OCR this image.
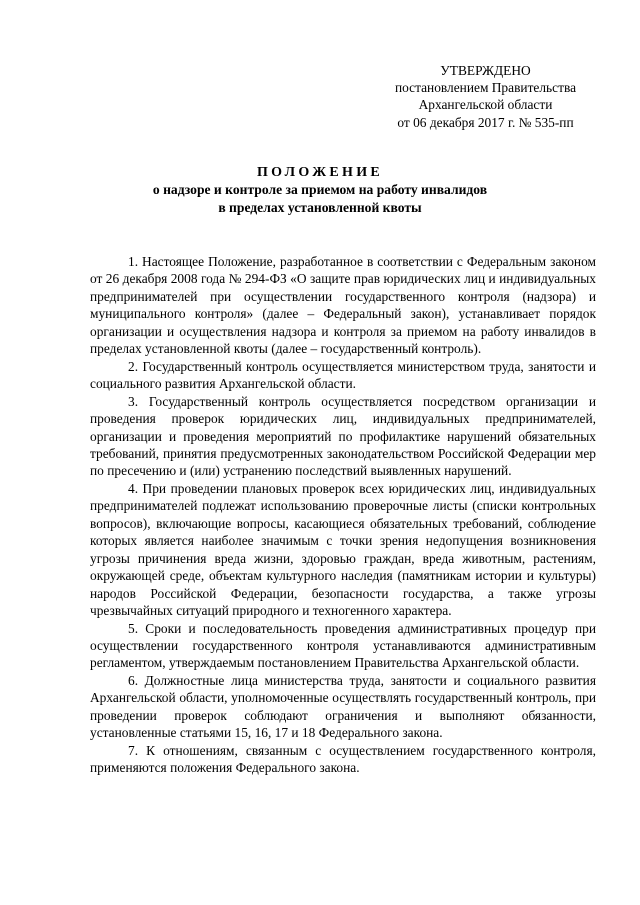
УТВЕРЖДЕНО
постановлением Правительства
Архангельской области
от 06 декабря 2017 г. № 535-пп
ПОЛОЖЕНИЕ
о надзоре и контроле за приемом на работу инвалидов
в пределах установленной квоты

1. Настоящее Положение, разработанное в соответствии с Федеральным законом от 26 декабря 2008 года № 294-ФЗ «О защите прав юридических лиц и индивидуальных предпринимателей при осуществлении государственного контроля (надзора) и муниципального контроля» (далее – Федеральный закон), устанавливает порядок организации и осуществления надзора и контроля за приемом на работу инвалидов в пределах установленной квоты (далее – государственный контроль).

2. Государственный контроль осуществляется министерством труда, занятости и социального развития Архангельской области.

3. Государственный контроль осуществляется посредством организации и проведения проверок юридических лиц, индивидуальных предпринимателей, организации и проведения мероприятий по профилактике нарушений обязательных требований, принятия предусмотренных законодательством Российской Федерации мер по пресечению и (или) устранению последствий выявленных нарушений.

4. При проведении плановых проверок всех юридических лиц, индивидуальных предпринимателей подлежат использованию проверочные листы (списки контрольных вопросов), включающие вопросы, касающиеся обязательных требований, соблюдение которых является наиболее значимым с точки зрения недопущения возникновения угрозы причинения вреда жизни, здоровью граждан, вреда животным, растениям, окружающей среде, объектам культурного наследия (памятникам истории и культуры) народов Российской Федерации, безопасности государства, а также угрозы чрезвычайных ситуаций природного и техногенного характера.

5. Сроки и последовательность проведения административных процедур при осуществлении государственного контроля устанавливаются административным регламентом, утверждаемым постановлением Правительства Архангельской области.

6. Должностные лица министерства труда, занятости и социального развития Архангельской области, уполномоченные осуществлять государственный контроль, при проведении проверок соблюдают ограничения и выполняют обязанности, установленные статьями 15, 16, 17 и 18 Федерального закона.

7. К отношениям, связанным с осуществлением государственного контроля, применяются положения Федерального закона.
